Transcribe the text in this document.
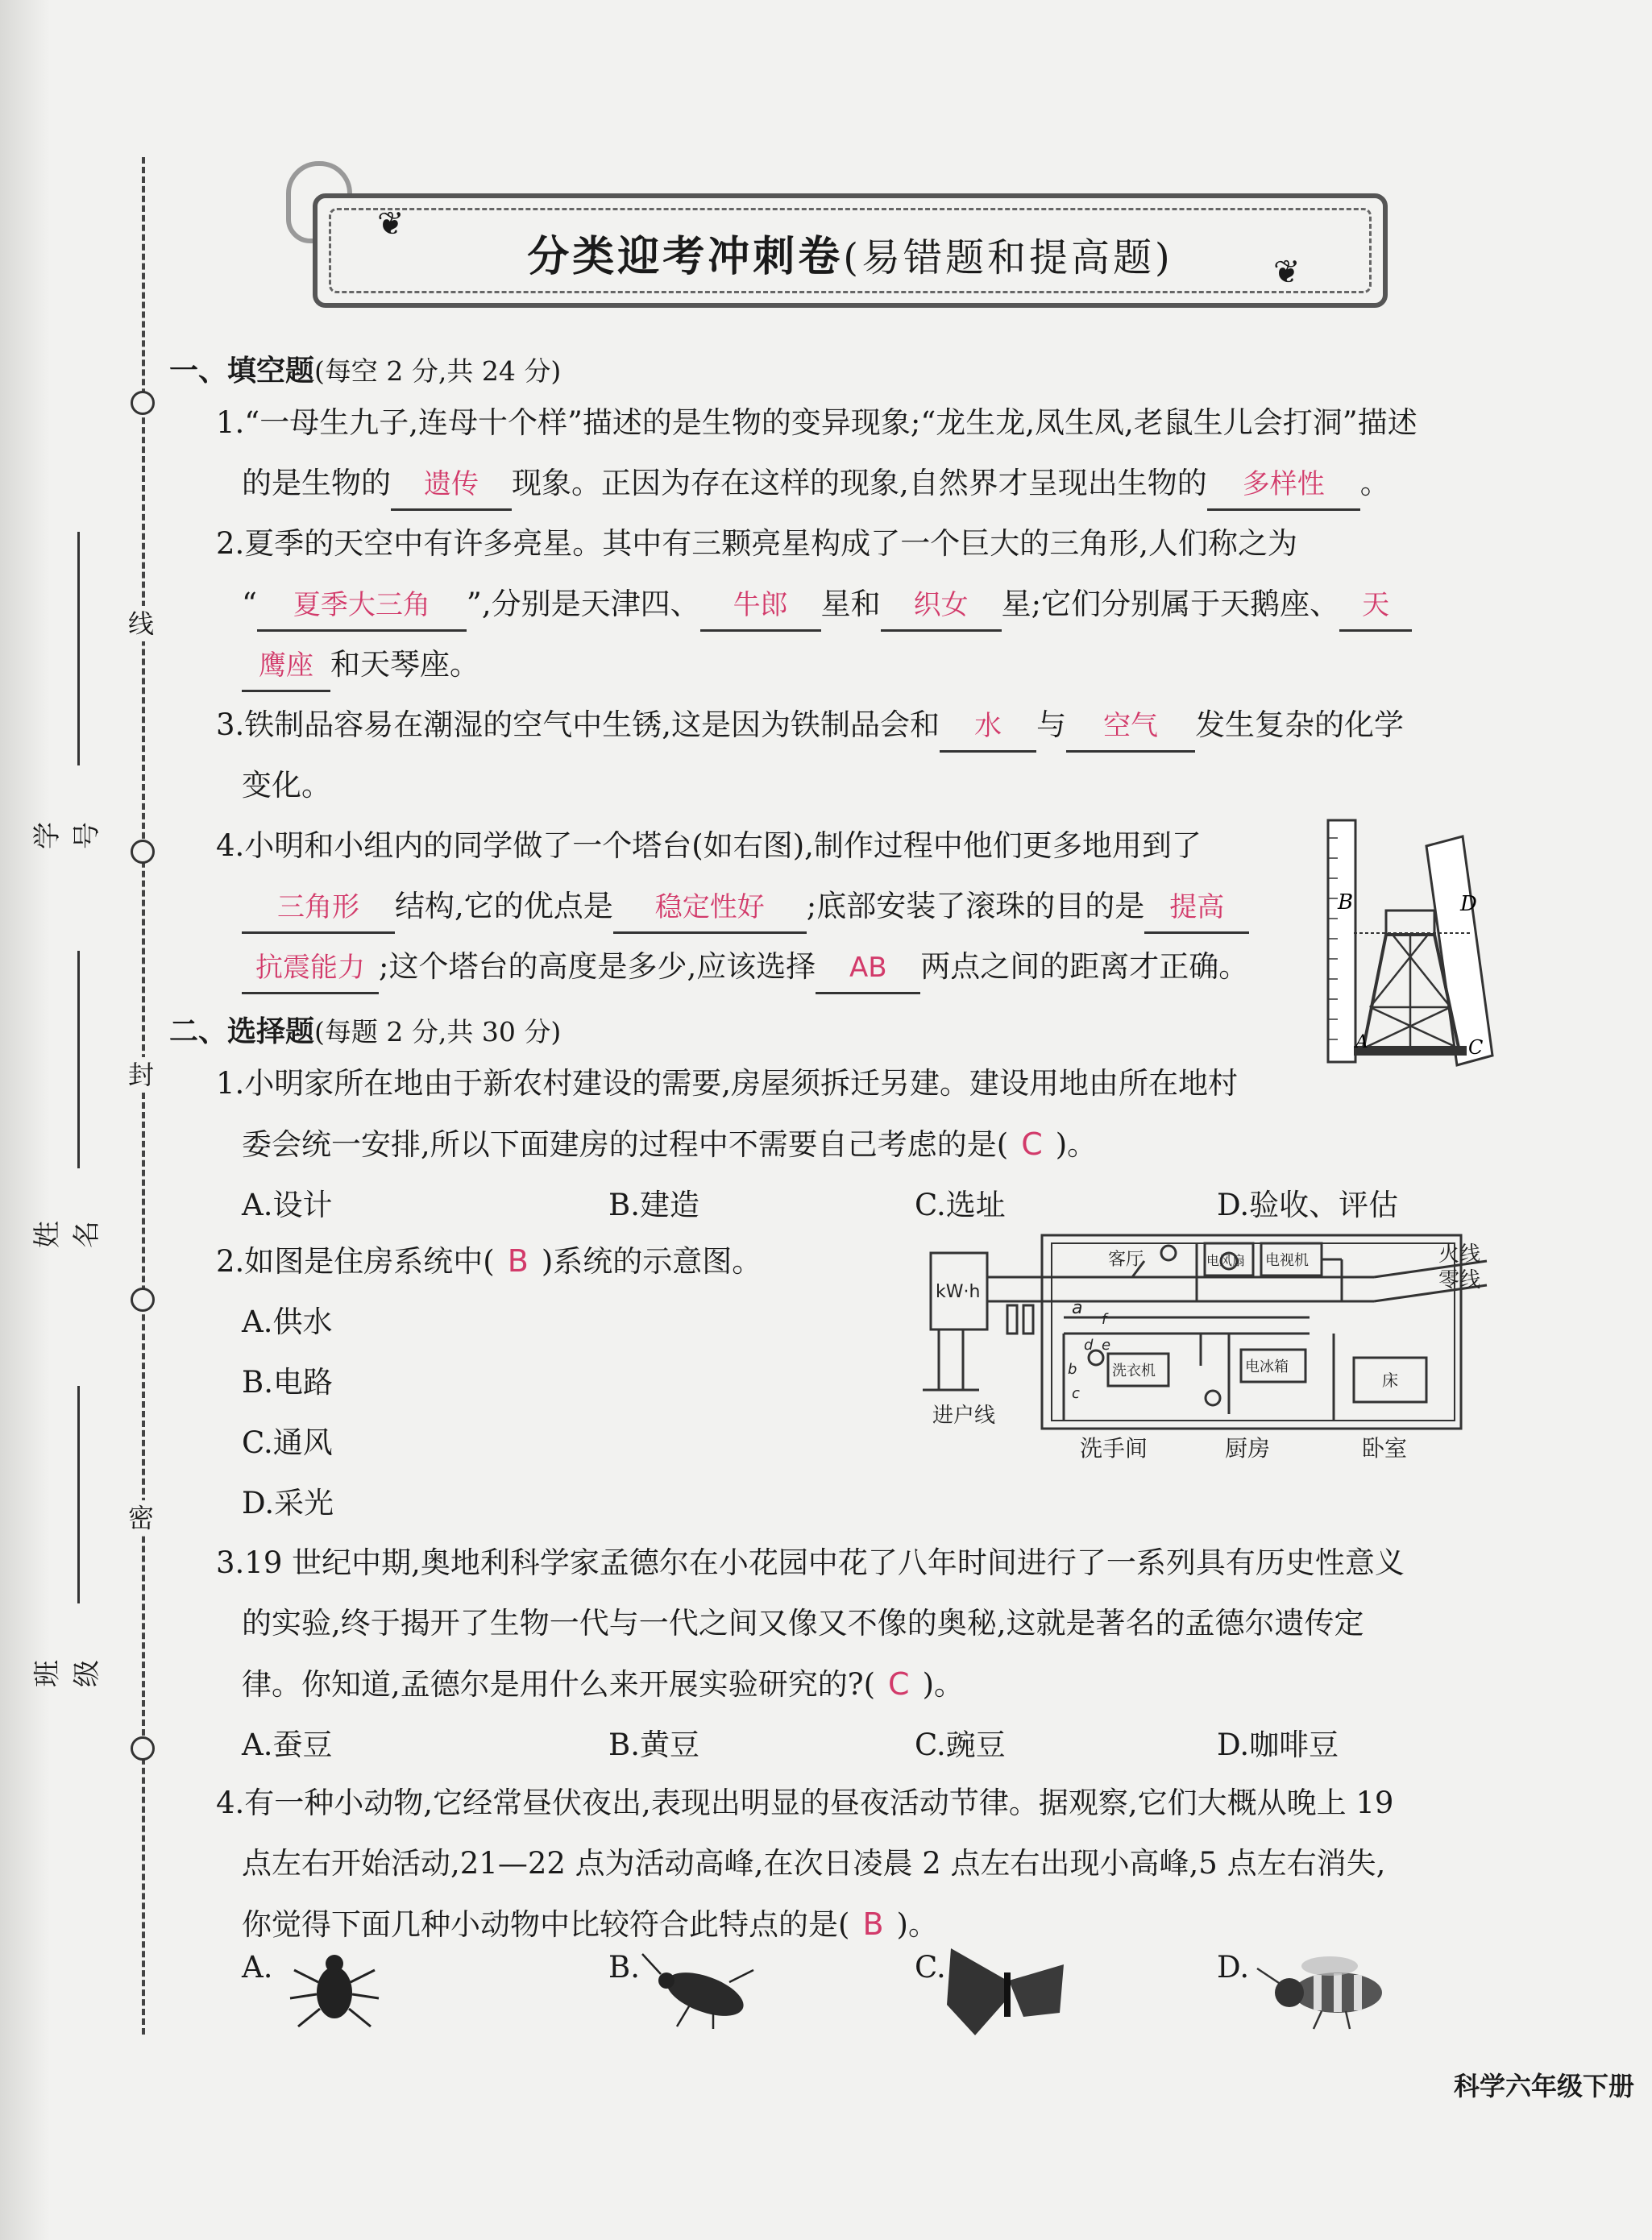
线
封
密
学号
姓名
班级
分类迎考冲刺卷(易错题和提高题)
❦
❦
一、填空题(每空 2 分,共 24 分)
1.“一母生九子,连母十个样”描述的是生物的变异现象;“龙生龙,凤生凤,老鼠生儿会打洞”描述
的是生物的 遗传 现象。正因为存在这样的现象,自然界才呈现出生物的 多样性 。
2.夏季的天空中有许多亮星。其中有三颗亮星构成了一个巨大的三角形,人们称之为
“ 夏季大三角 ”,分别是天津四、 牛郎 星和 织女 星;它们分别属于天鹅座、 天
鹰座 和天琴座。
3.铁制品容易在潮湿的空气中生锈,这是因为铁制品会和 水 与 空气 发生复杂的化学
变化。
4.小明和小组内的同学做了一个塔台(如右图),制作过程中他们更多地用到了
三角形 结构,它的优点是 稳定性好 ;底部安装了滚珠的目的是 提高
抗震能力 ;这个塔台的高度是多少,应该选择 AB 两点之间的距离才正确。
B	D
A	C
二、选择题(每题 2 分,共 30 分)
1.小明家所在地由于新农村建设的需要,房屋须拆迁另建。建设用地由所在地村
委会统一安排,所以下面建房的过程中不需要自己考虑的是( C )。
A.设计	B.建造	C.选址	D.验收、评估
2.如图是住房系统中( B )系统的示意图。
A.供水
B.电路
C.通风
D.采光
kW·h
客厅	电风扇 电视机	火线
零线
洗衣机	电冰箱
床
进户线
洗手间	厨房	卧室
a
b
c
d e
f
3.19 世纪中期,奥地利科学家孟德尔在小花园中花了八年时间进行了一系列具有历史性意义
的实验,终于揭开了生物一代与一代之间又像又不像的奥秘,这就是著名的孟德尔遗传定
律。你知道,孟德尔是用什么来开展实验研究的?( C )。
A.蚕豆	B.黄豆	C.豌豆	D.咖啡豆
4.有一种小动物,它经常昼伏夜出,表现出明显的昼夜活动节律。据观察,它们大概从晚上 19
点左右开始活动,21—22 点为活动高峰,在次日凌晨 2 点左右出现小高峰,5 点左右消失,
你觉得下面几种小动物中比较符合此特点的是( B )。
A.	B.	C.	D.
科学六年级下册
